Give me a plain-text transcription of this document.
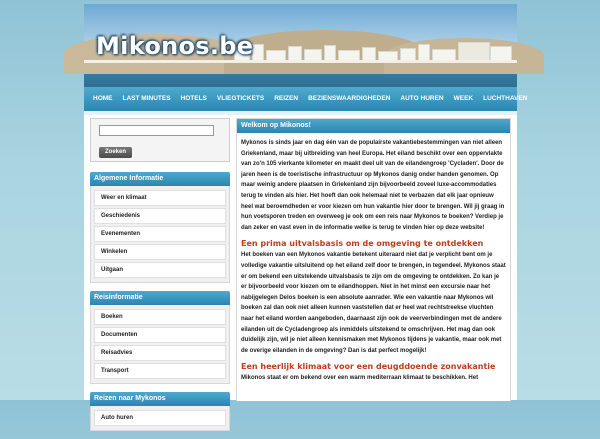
Mikonos.be
HOME	LAST MINUTES	HOTELS	VLIEGTICKETS	REIZEN	BEZIENSWAARDIGHEDEN	AUTO HUREN	WEEK	LUCHTHAVEN
Zoeken
Algemene Informatie
Weer en klimaat
Geschiedenis
Evenementen
Winkelen
Uitgaan
Reisinformatie
Boeken
Documenten
Reisadvies
Transport
Reizen naar Mykonos
Auto huren
Welkom op Mikonos!

Mykonos is sinds jaar en dag één van de populairste vakantiebestemmingen van niet alleen Griekenland, maar bij uitbreiding van heel Europa. Het eiland beschikt over een oppervlakte van zo'n 105 vierkante kilometer en maakt deel uit van de eilandengroep 'Cycladen'. Door de jaren heen is de toeristische infrastructuur op Mykonos danig onder handen genomen. Op maar weinig andere plaatsen in Griekenland zijn bijvoorbeeld zoveel luxe-accommodaties terug te vinden als hier. Het hoeft dan ook helemaal niet te verbazen dat elk jaar opnieuw heel wat beroemdheden er voor kiezen om hun vakantie hier door te brengen. Wil jij graag in hun voetsporen treden en overweeg je ook om een reis naar Mykonos te boeken? Verdiep je dan zeker en vast even in de informatie welke is terug te vinden hier op deze website!

Een prima uitvalsbasis om de omgeving te ontdekken

Het boeken van een Mykonos vakantie betekent uiteraard niet dat je verplicht bent om je volledige vakantie uitsluitend op het eiland zelf door te brengen, in tegendeel. Mykonos staat er om bekend een uitstekende uitvalsbasis te zijn om de omgeving te ontdekken. Zo kan je er bijvoorbeeld voor kiezen om te eilandhoppen. Niet in het minst een excursie naar het nabijgelegen Delos boeken is een absolute aanrader. Wie een vakantie naar Mykonos wil boeken zal dan ook niet alleen kunnen vaststellen dat er heel wat rechtstreekse vluchten naar het eiland worden aangeboden, daarnaast zijn ook de veerverbindingen met de andere eilanden uit de Cycladengroep als inmiddels uitstekend te omschrijven. Het mag dan ook duidelijk zijn, wil je niet alleen kennismaken met Mykonos tijdens je vakantie, maar ook met de overige eilanden in de omgeving? Dan is dat perfect mogelijk!

Een heerlijk klimaat voor een deugddoende zonvakantie

Mikonos staat er om bekend over een warm mediterraan klimaat te beschikken. Het
